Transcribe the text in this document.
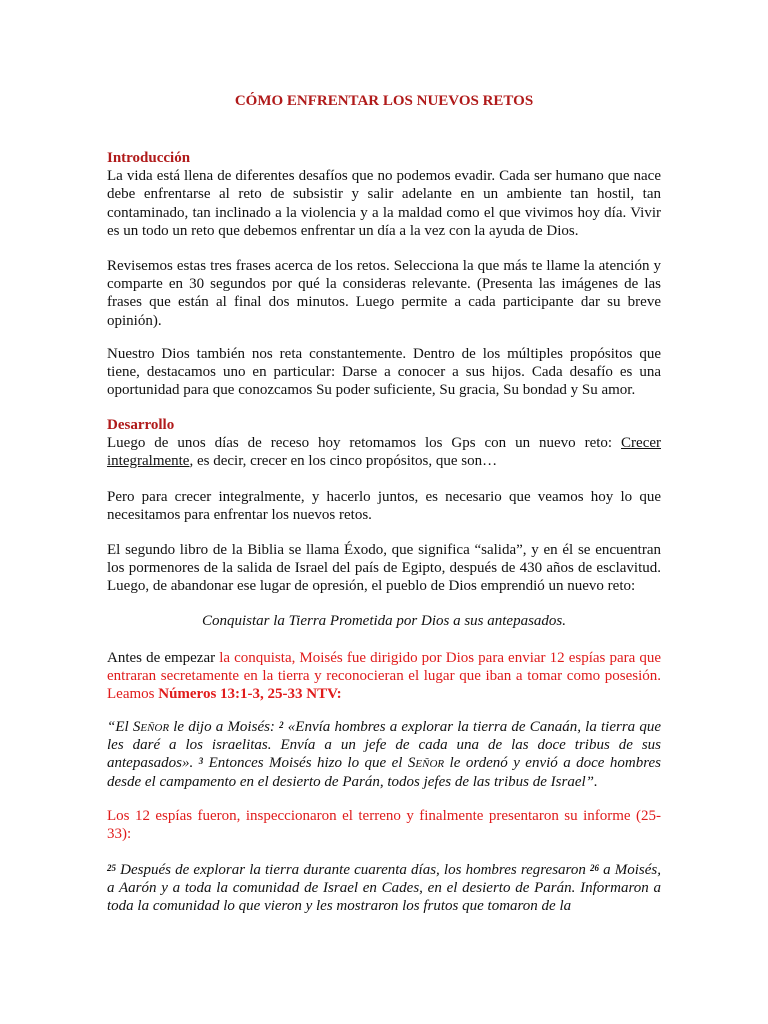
CÓMO ENFRENTAR LOS NUEVOS RETOS
Introducción

La vida está llena de diferentes desafíos que no podemos evadir. Cada ser humano que nace debe enfrentarse al reto de subsistir y salir adelante en un ambiente tan hostil, tan contaminado, tan inclinado a la violencia y a la maldad como el que vivimos hoy día. Vivir es un todo un reto que debemos enfrentar un día a la vez con la ayuda de Dios.

Revisemos estas tres frases acerca de los retos. Selecciona la que más te llame la atención y comparte en 30 segundos por qué la consideras relevante. (Presenta las imágenes de las frases que están al final dos minutos. Luego permite a cada participante dar su breve opinión).

Nuestro Dios también nos reta constantemente. Dentro de los múltiples propósitos que tiene, destacamos uno en particular: Darse a conocer a sus hijos. Cada desafío es una oportunidad para que conozcamos Su poder suficiente, Su gracia, Su bondad y Su amor.

Desarrollo

Luego de unos días de receso hoy retomamos los Gps con un nuevo reto: Crecer integralmente, es decir, crecer en los cinco propósitos, que son…

Pero para crecer integralmente, y hacerlo juntos, es necesario que veamos hoy lo que necesitamos para enfrentar los nuevos retos.

El segundo libro de la Biblia se llama Éxodo, que significa “salida”, y en él se encuentran los pormenores de la salida de Israel del país de Egipto, después de 430 años de esclavitud. Luego, de abandonar ese lugar de opresión, el pueblo de Dios emprendió un nuevo reto:

Conquistar la Tierra Prometida por Dios a sus antepasados.

Antes de empezar la conquista, Moisés fue dirigido por Dios para enviar 12 espías para que entraran secretamente en la tierra y reconocieran el lugar que iban a tomar como posesión. Leamos Números 13:1-3, 25-33 NTV:

“El Señor le dijo a Moisés: $^2$ «Envía hombres a explorar la tierra de Canaán, la tierra que les daré a los israelitas. Envía a un jefe de cada una de las doce tribus de sus antepasados». $^3$ Entonces Moisés hizo lo que el Señor le ordenó y envió a doce hombres desde el campamento en el desierto de Parán, todos jefes de las tribus de Israel”.

Los 12 espías fueron, inspeccionaron el terreno y finalmente presentaron su informe (25-33):

$^{25}$ Después de explorar la tierra durante cuarenta días, los hombres regresaron $^{26}$ a Moisés, a Aarón y a toda la comunidad de Israel en Cades, en el desierto de Parán. Informaron a toda la comunidad lo que vieron y les mostraron los frutos que tomaron de la
